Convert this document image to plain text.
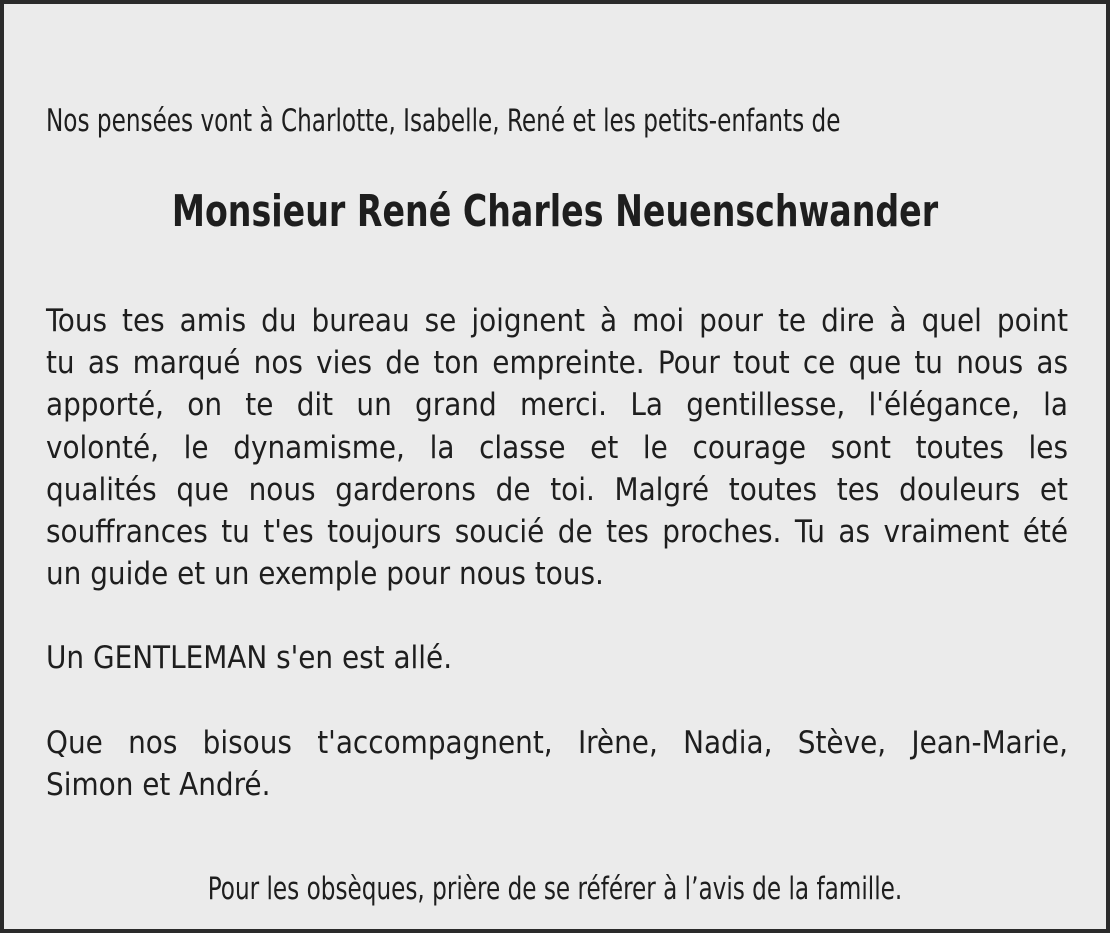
Nos pensées vont à Charlotte, Isabelle, René et les petits-enfants de

Monsieur René Charles Neuenschwander

Tous tes amis du bureau se joignent à moi pour te dire à quel point
tu as marqué nos vies de ton empreinte. Pour tout ce que tu nous as
apporté, on te dit un grand merci. La gentillesse, l'élégance, la
volonté, le dynamisme, la classe et le courage sont toutes les
qualités que nous garderons de toi. Malgré toutes tes douleurs et
souffrances tu t'es toujours soucié de tes proches. Tu as vraiment été
un guide et un exemple pour nous tous.

Un GENTLEMAN s'en est allé.

Que nos bisous t'accompagnent, Irène, Nadia, Stève, Jean-Marie,
Simon et André.

Pour les obsèques, prière de se référer à l’avis de la famille.
